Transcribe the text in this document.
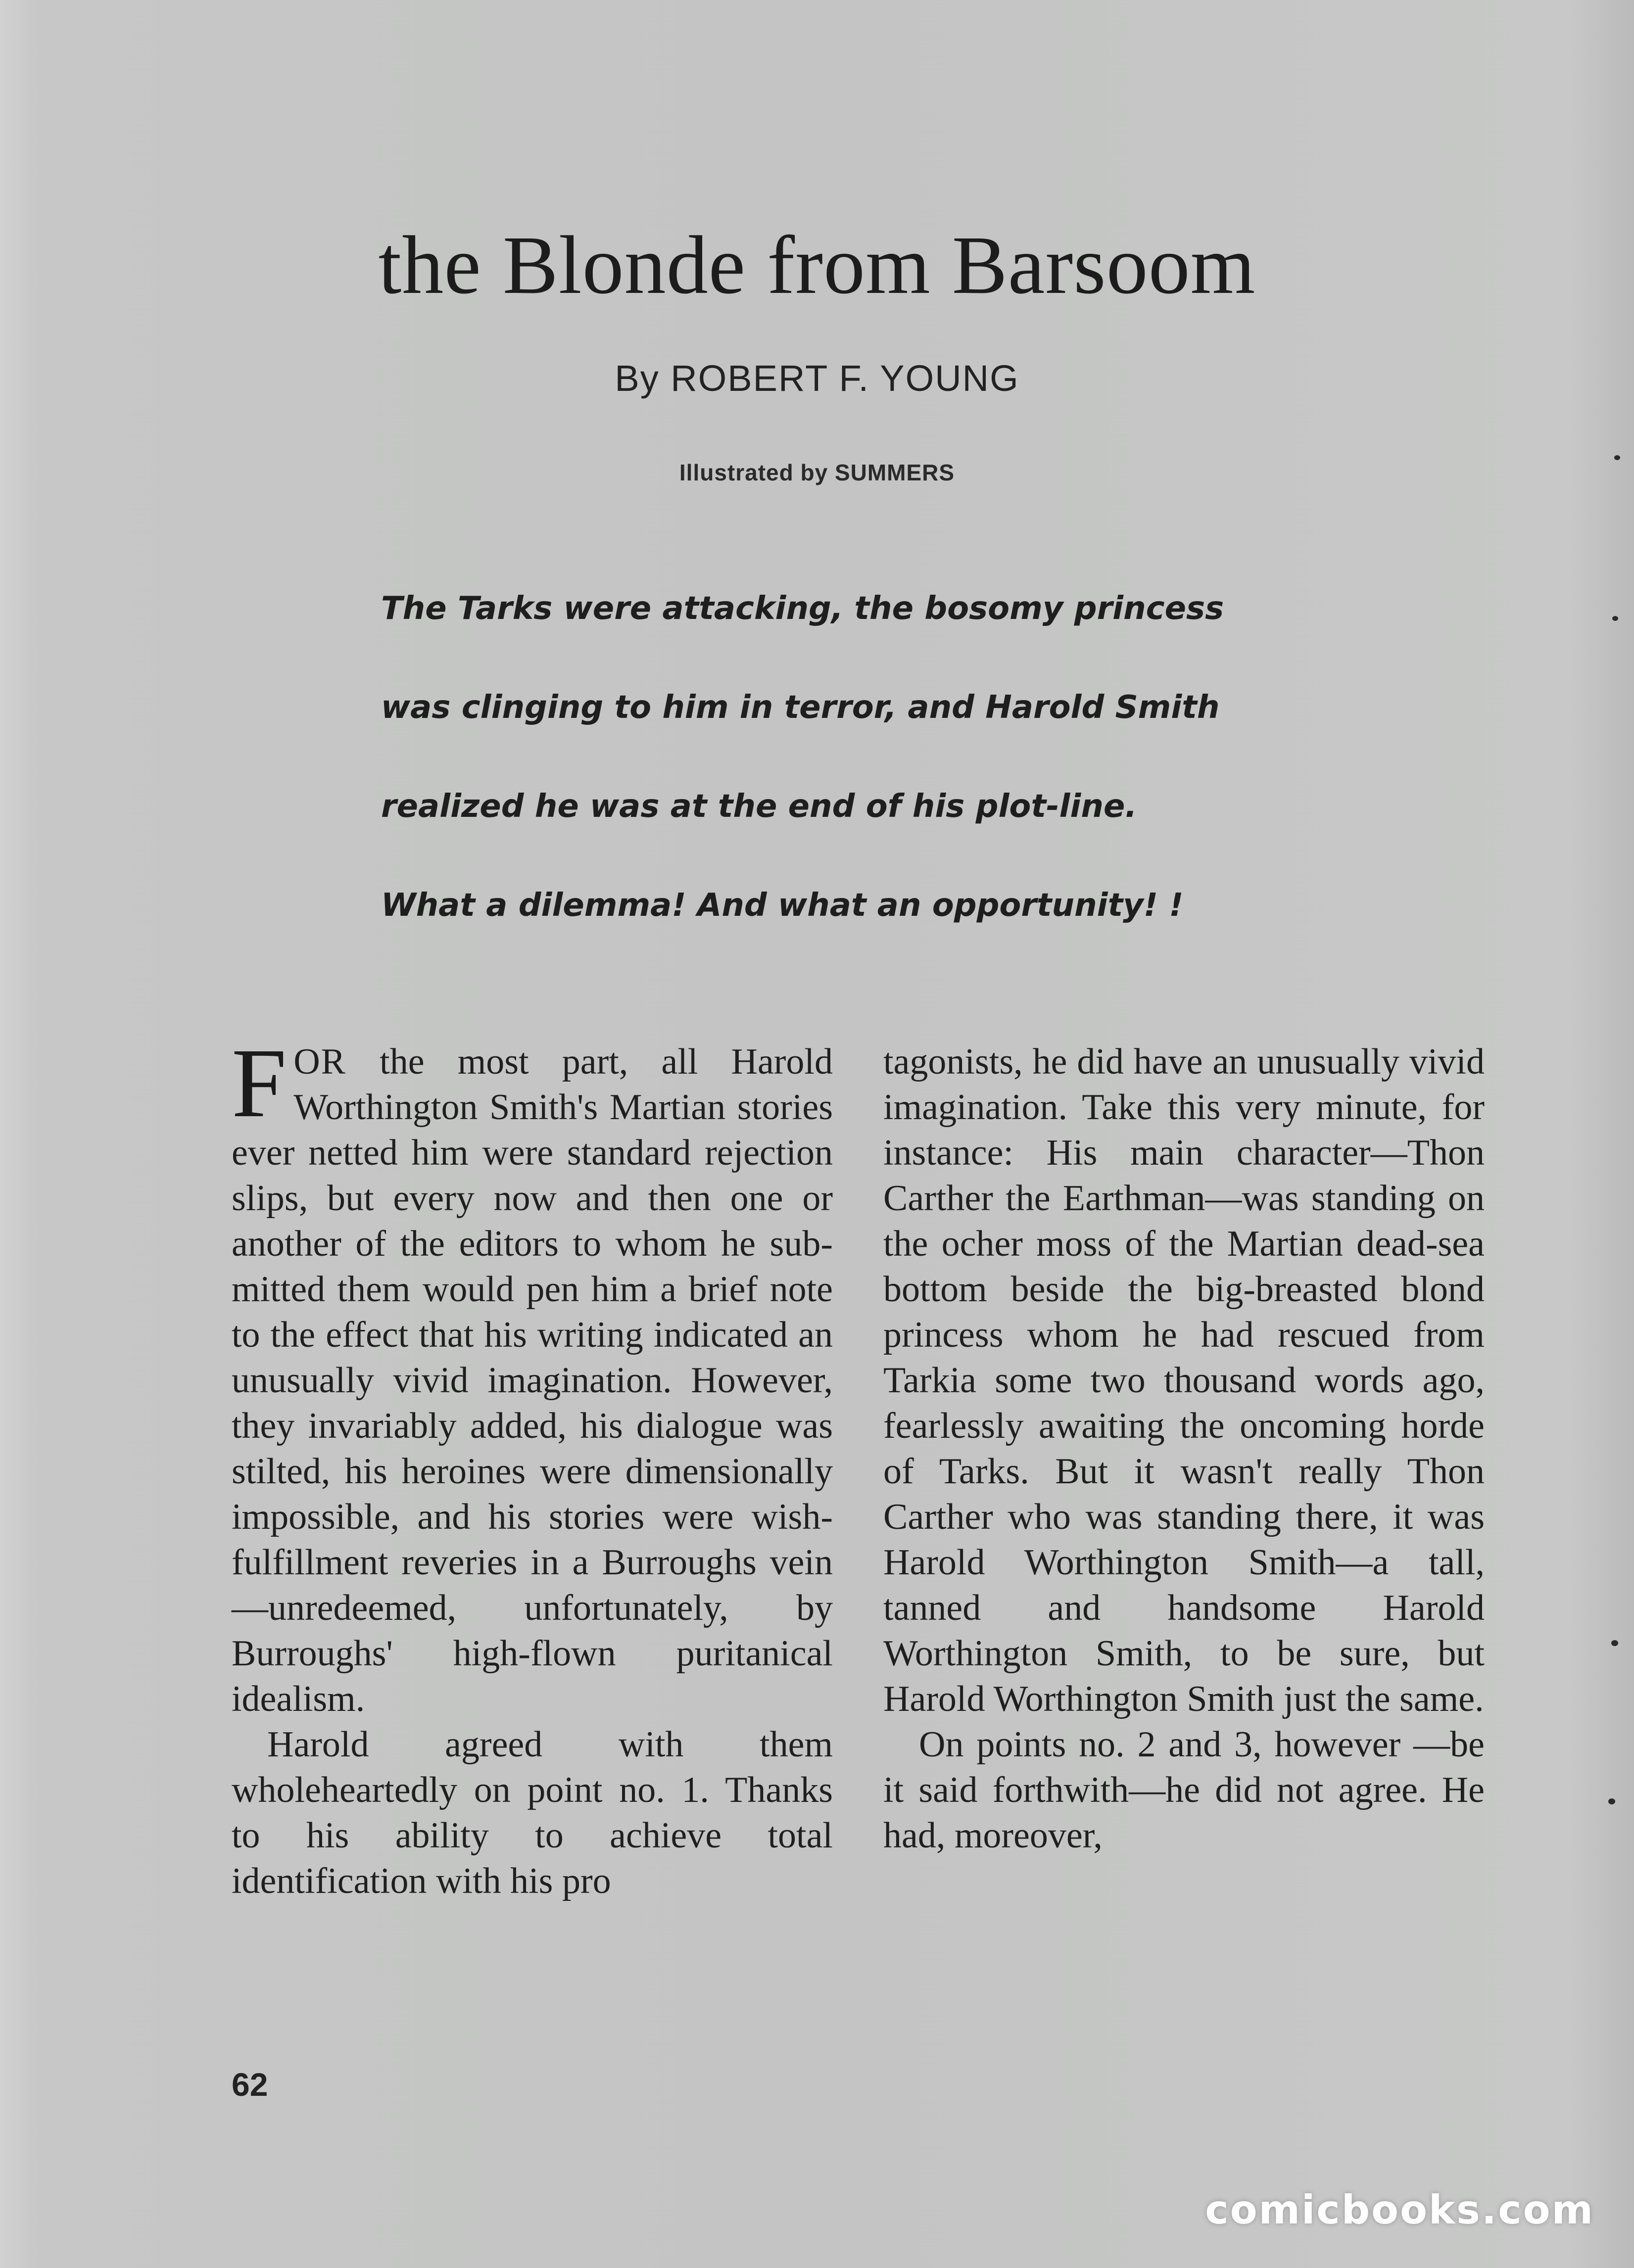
the Blonde from Barsoom
By ROBERT F. YOUNG
Illustrated by SUMMERS
The Tarks were attacking, the bosomy princess
was clinging to him in terror, and Harold Smith
realized he was at the end of his plot-line.
What a dilemma! And what an opportunity! !

FOR the most part, all Harold Worthington Smith's Martian stories ever netted him were standard rejection slips, but every now and then one or another of the editors to whom he submitted them would pen him a brief note to the effect that his writing indicated an unusually vivid imagination. However, they invariably added, his dialogue was stilted, his heroines were dimensionally impossible, and his stories were wish-fulfillment reveries in a Burroughs vein—unredeemed, unfortunately, by Burroughs' high-flown puritanical idealism.

Harold agreed with them wholeheartedly on point no. 1. Thanks to his ability to achieve total identification with his pro

tagonists, he did have an unusually vivid imagination. Take this very minute, for instance: His main character—Thon Carther the Earthman—was standing on the ocher moss of the Martian dead-sea bottom beside the big-breasted blond princess whom he had rescued from Tarkia some two thousand words ago, fearlessly awaiting the oncoming horde of Tarks. But it wasn't really Thon Carther who was standing there, it was Harold Worthington Smith—a tall, tanned and handsome Harold Worthington Smith, to be sure, but Harold Worthington Smith just the same.

On points no. 2 and 3, however —be it said forthwith—he did not agree. He had, moreover,

62
comicbooks.com
